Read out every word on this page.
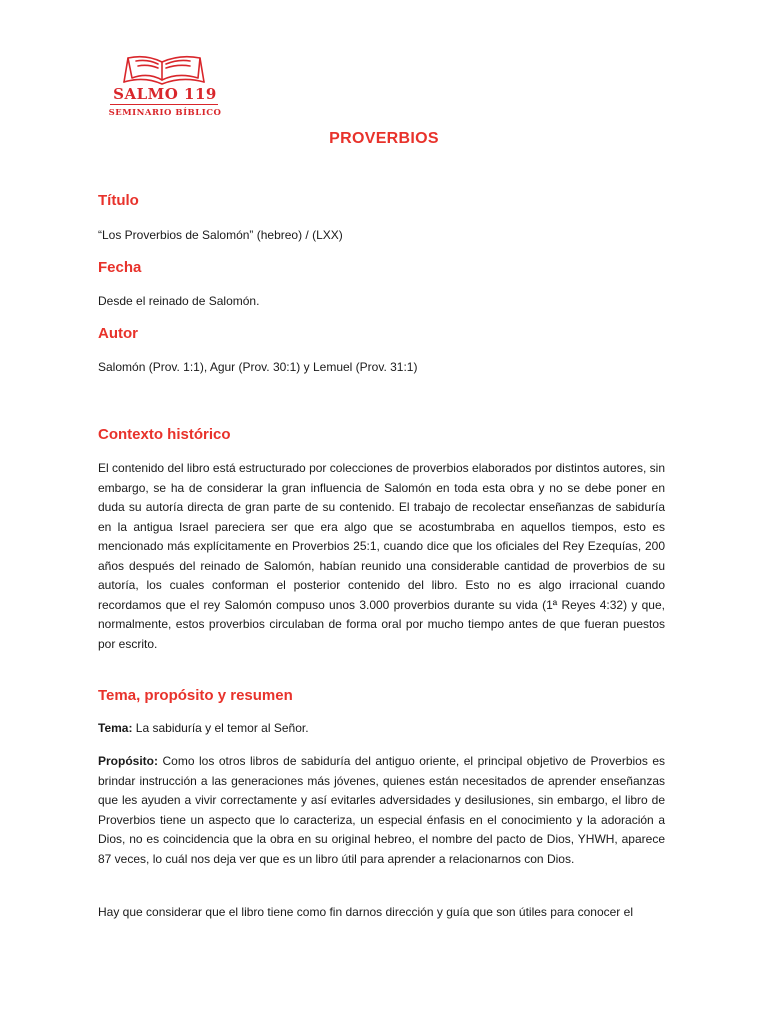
SALMO 119
SEMINARIO BÍBLICO
PROVERBIOS
Título

“Los Proverbios de Salomón” (hebreo) / (LXX)

Fecha

Desde el reinado de Salomón.

Autor

Salomón (Prov. 1:1), Agur (Prov. 30:1) y Lemuel (Prov. 31:1)

Contexto histórico

El contenido del libro está estructurado por colecciones de proverbios elaborados por distintos autores, sin embargo, se ha de considerar la gran influencia de Salomón en toda esta obra y no se debe poner en duda su autoría directa de gran parte de su contenido. El trabajo de recolectar enseñanzas de sabiduría en la antigua Israel pareciera ser que era algo que se acostumbraba en aquellos tiempos, esto es mencionado más explícitamente en Proverbios 25:1, cuando dice que los oficiales del Rey Ezequías, 200 años después del reinado de Salomón, habían reunido una considerable cantidad de proverbios de su autoría, los cuales conforman el posterior contenido del libro. Esto no es algo irracional cuando recordamos que el rey Salomón compuso unos 3.000 proverbios durante su vida (1ª Reyes 4:32) y que, normalmente, estos proverbios circulaban de forma oral por mucho tiempo antes de que fueran puestos por escrito.

Tema, propósito y resumen

Tema: La sabiduría y el temor al Señor.

Propósito: Como los otros libros de sabiduría del antiguo oriente, el principal objetivo de Proverbios es brindar instrucción a las generaciones más jóvenes, quienes están necesitados de aprender enseñanzas que les ayuden a vivir correctamente y así evitarles adversidades y desilusiones, sin embargo, el libro de Proverbios tiene un aspecto que lo caracteriza, un especial énfasis en el conocimiento y la adoración a Dios, no es coincidencia que la obra en su original hebreo, el nombre del pacto de Dios, YHWH, aparece 87 veces, lo cuál nos deja ver que es un libro útil para aprender a relacionarnos con Dios.

Hay que considerar que el libro tiene como fin darnos dirección y guía que son útiles para conocer el
